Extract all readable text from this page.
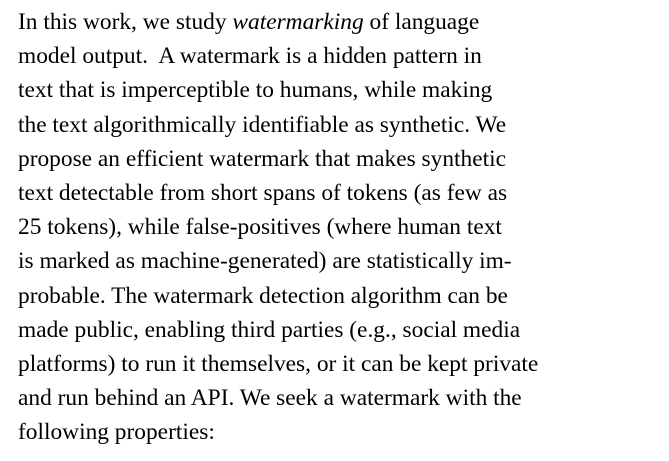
In this work, we study watermarking of language
model output.  A watermark is a hidden pattern in
text that is imperceptible to humans, while making
the text algorithmically identifiable as synthetic. We
propose an efficient watermark that makes synthetic
text detectable from short spans of tokens (as few as
25 tokens), while false-positives (where human text
is marked as machine-generated) are statistically im-
probable. The watermark detection algorithm can be
made public, enabling third parties (e.g., social media
platforms) to run it themselves, or it can be kept private
and run behind an API. We seek a watermark with the
following properties:
